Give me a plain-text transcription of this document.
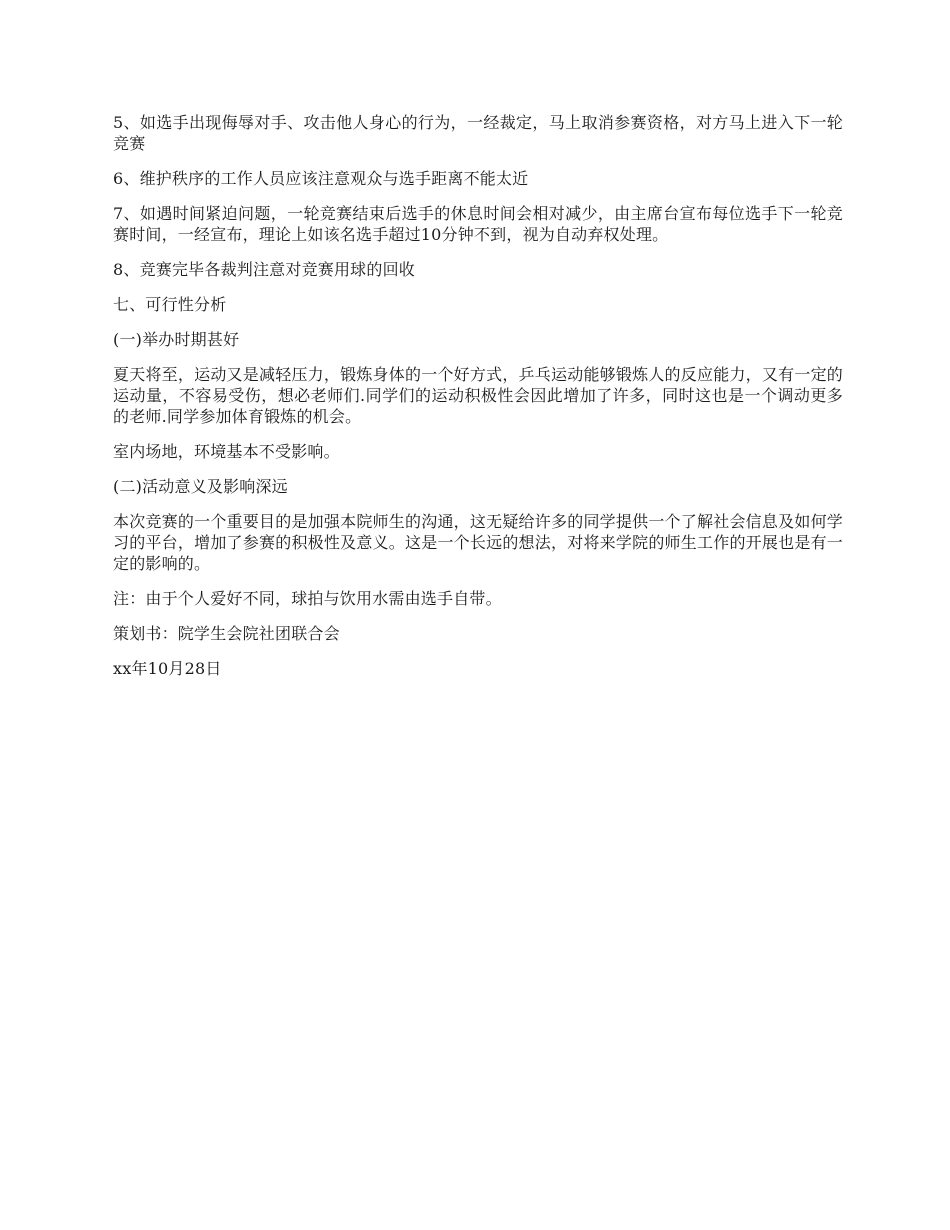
5、如选手出现侮辱对手、攻击他人身心的行为，一经裁定，马上取消参赛资格，对方马上进入下一轮竞赛

6、维护秩序的工作人员应该注意观众与选手距离不能太近

7、如遇时间紧迫问题，一轮竞赛结束后选手的休息时间会相对减少，由主席台宣布每位选手下一轮竞赛时间，一经宣布，理论上如该名选手超过10分钟不到，视为自动弃权处理。

8、竞赛完毕各裁判注意对竞赛用球的回收

七、可行性分析

(一)举办时期甚好

夏天将至，运动又是减轻压力，锻炼身体的一个好方式，乒乓运动能够锻炼人的反应能力，又有一定的运动量，不容易受伤，想必老师们.同学们的运动积极性会因此增加了许多，同时这也是一个调动更多的老师.同学参加体育锻炼的机会。

室内场地，环境基本不受影响。

(二)活动意义及影响深远

本次竞赛的一个重要目的是加强本院师生的沟通，这无疑给许多的同学提供一个了解社会信息及如何学习的平台，增加了参赛的积极性及意义。这是一个长远的想法，对将来学院的师生工作的开展也是有一定的影响的。

注：由于个人爱好不同，球拍与饮用水需由选手自带。

策划书：院学生会院社团联合会

xx年10月28日
